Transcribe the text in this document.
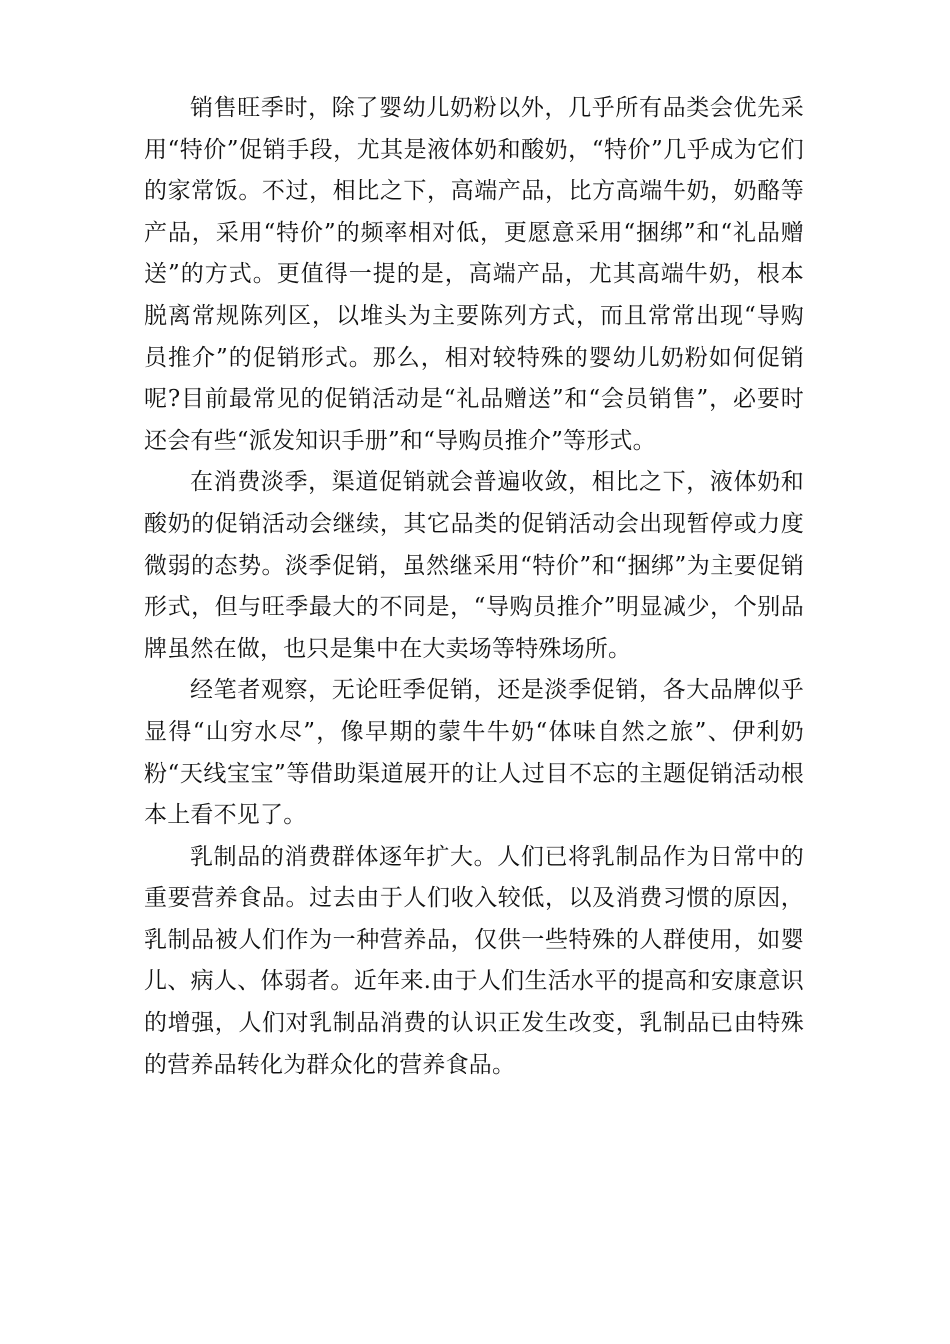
销售旺季时，除了婴幼儿奶粉以外，几乎所有品类会优先采用“特价”促销手段，尤其是液体奶和酸奶，“特价”几乎成为它们的家常饭。不过，相比之下，高端产品，比方高端牛奶，奶酪等产品，采用“特价”的频率相对低，更愿意采用“捆绑”和“礼品赠送”的方式。更值得一提的是，高端产品，尤其高端牛奶，根本脱离常规陈列区，以堆头为主要陈列方式，而且常常出现“导购员推介”的促销形式。那么，相对较特殊的婴幼儿奶粉如何促销呢?目前最常见的促销活动是“礼品赠送”和“会员销售”，必要时还会有些“派发知识手册”和“导购员推介”等形式。

在消费淡季，渠道促销就会普遍收敛，相比之下，液体奶和酸奶的促销活动会继续，其它品类的促销活动会出现暂停或力度微弱的态势。淡季促销，虽然继采用“特价”和“捆绑”为主要促销形式，但与旺季最大的不同是，“导购员推介”明显减少，个别品牌虽然在做，也只是集中在大卖场等特殊场所。

经笔者观察，无论旺季促销，还是淡季促销，各大品牌似乎显得“山穷水尽”，像早期的蒙牛牛奶“体味自然之旅”、伊利奶粉“天线宝宝”等借助渠道展开的让人过目不忘的主题促销活动根本上看不见了。

乳制品的消费群体逐年扩大。人们已将乳制品作为日常中的重要营养食品。过去由于人们收入较低，以及消费习惯的原因，乳制品被人们作为一种营养品，仅供一些特殊的人群使用，如婴儿、病人、体弱者。近年来.由于人们生活水平的提高和安康意识的增强，人们对乳制品消费的认识正发生改变，乳制品已由特殊的营养品转化为群众化的营养食品。
